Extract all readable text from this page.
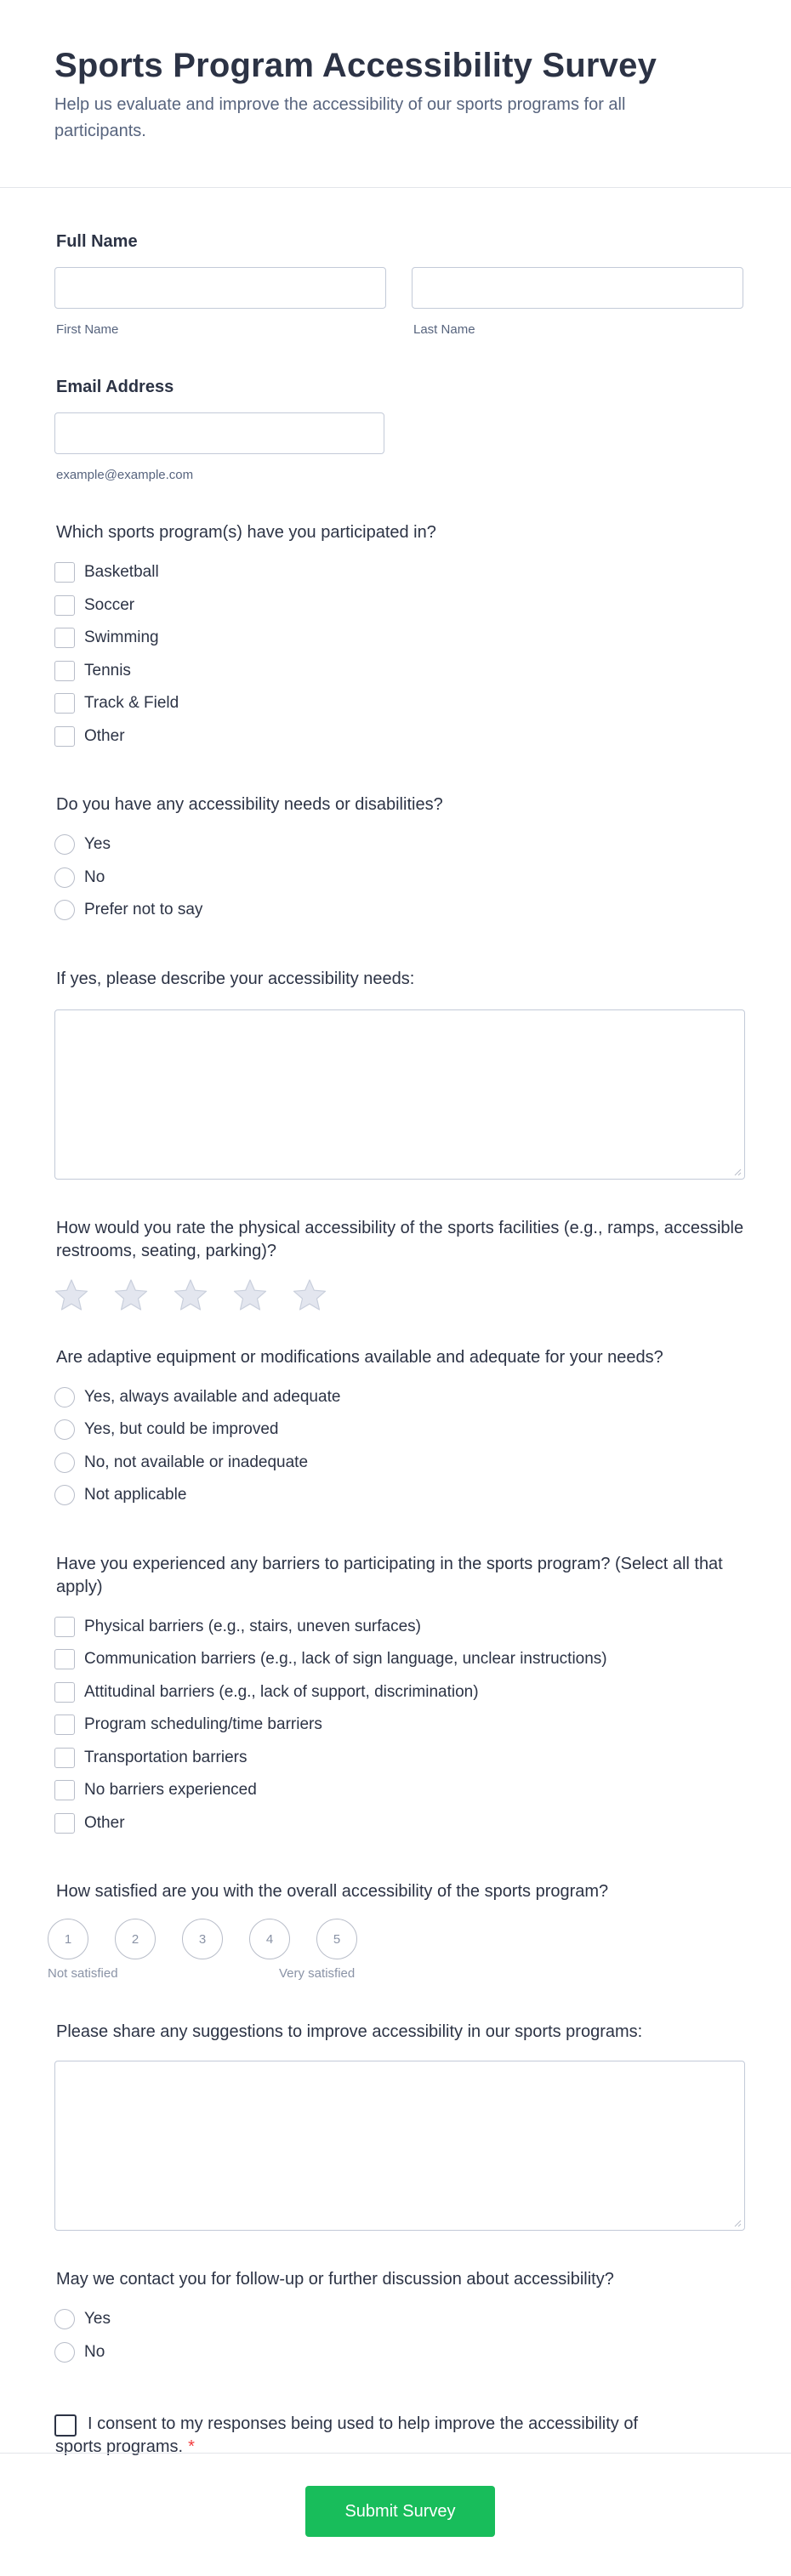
Sports Program Accessibility Survey

Help us evaluate and improve the accessibility of our sports programs for all participants.

Full Name
First Name	Last Name
Email Address
example@example.com
Which sports program(s) have you participated in?
Basketball
Soccer
Swimming
Tennis
Track & Field
Other
Do you have any accessibility needs or disabilities?
Yes
No
Prefer not to say
If yes, please describe your accessibility needs:
How would you rate the physical accessibility of the sports facilities (e.g., ramps, accessible restrooms, seating, parking)?
Are adaptive equipment or modifications available and adequate for your needs?
Yes, always available and adequate
Yes, but could be improved
No, not available or inadequate
Not applicable
Have you experienced any barriers to participating in the sports program? (Select all that apply)
Physical barriers (e.g., stairs, uneven surfaces)
Communication barriers (e.g., lack of sign language, unclear instructions)
Attitudinal barriers (e.g., lack of support, discrimination)
Program scheduling/time barriers
Transportation barriers
No barriers experienced
Other
How satisfied are you with the overall accessibility of the sports program?
1	2	3	4	5
Not satisfied	Very satisfied
Please share any suggestions to improve accessibility in our sports programs:
May we contact you for follow-up or further discussion about accessibility?
Yes
No
I consent to my responses being used to help improve the accessibility of sports programs. *
Submit Survey
